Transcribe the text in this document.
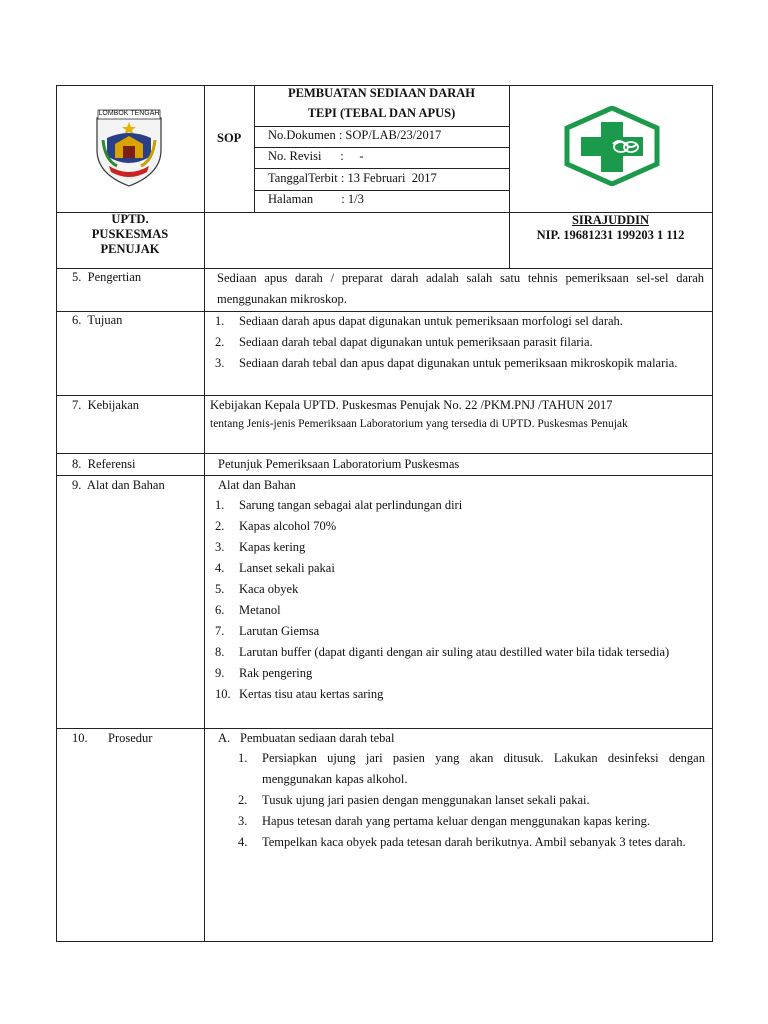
LOMBOK TENGAH
SOP
PEMBUATAN SEDIAAN DARAH
TEPI (TEBAL DAN APUS)
No.Dokumen : SOP/LAB/23/2017
No. Revisi      :     -
TanggalTerbit : 13 Februari  2017
Halaman         : 1/3
UPTD.
PUSKESMAS
PENUJAK
SIRAJUDDIN
NIP. 19681231 199203 1 112
5.  Pengertian	Sediaan apus darah / preparat darah adalah salah satu tehnis pemeriksaan sel-sel darah menggunakan mikroskop.
6.  Tujuan	1. Sediaan darah apus dapat digunakan untuk pemeriksaan morfologi sel darah.
2. Sediaan darah tebal dapat digunakan untuk pemeriksaan parasit filaria.
3. Sediaan darah tebal dan apus dapat digunakan untuk pemeriksaan mikroskopik malaria.
7.  Kebijakan	Kebijakan Kepala UPTD. Puskesmas Penujak No. 22 /PKM.PNJ /TAHUN 2017
tentang Jenis-jenis Pemeriksaan Laboratorium yang tersedia di UPTD. Puskesmas Penujak
8.  Referensi	Petunjuk Pemeriksaan Laboratorium Puskesmas
9.  Alat dan Bahan	Alat dan Bahan
1. Sarung tangan sebagai alat perlindungan diri
2. Kapas alcohol 70%
3. Kapas kering
4. Lanset sekali pakai
5. Kaca obyek
6. Metanol
7. Larutan Giemsa
8. Larutan buffer (dapat diganti dengan air suling atau destilled water bila tidak tersedia)
9. Rak pengering
10. Kertas tisu atau kertas saring
10. Prosedur	A. Pembuatan sediaan darah tebal
1. Persiapkan ujung jari pasien yang akan ditusuk. Lakukan desinfeksi dengan menggunakan kapas alkohol.
2. Tusuk ujung jari pasien dengan menggunakan lanset sekali pakai.
3. Hapus tetesan darah yang pertama keluar dengan menggunakan kapas kering.
4. Tempelkan kaca obyek pada tetesan darah berikutnya. Ambil sebanyak 3 tetes darah.
